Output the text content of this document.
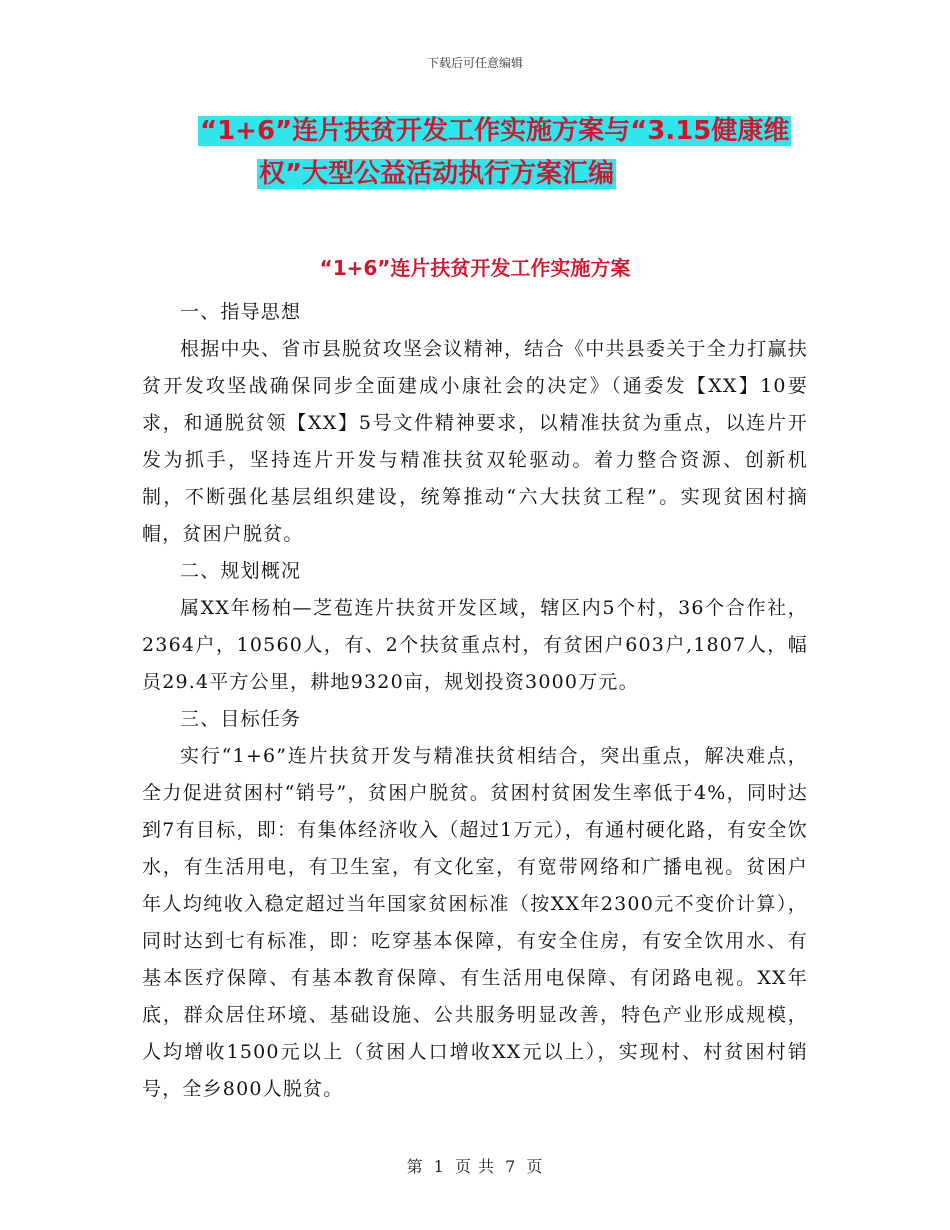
下载后可任意编辑
“1+6”连片扶贫开发工作实施方案与“3.15健康维
权”大型公益活动执行方案汇编
“1+6”连片扶贫开发工作实施方案

一、指导思想

根据中央、省市县脱贫攻坚会议精神，结合《中共县委关于全力打赢扶贫开发攻坚战确保同步全面建成小康社会的决定》（通委发【XX】10要求，和通脱贫领【XX】5号文件精神要求，以精准扶贫为重点，以连片开发为抓手，坚持连片开发与精准扶贫双轮驱动。着力整合资源、创新机制，不断强化基层组织建设，统筹推动“六大扶贫工程”。实现贫困村摘帽，贫困户脱贫。

二、规划概况

属XX年杨柏—芝苞连片扶贫开发区域，辖区内5个村，36个合作社，2364户，10560人，有、2个扶贫重点村，有贫困户603户,1807人，幅员29.4平方公里，耕地9320亩，规划投资3000万元。

三、目标任务

实行“1+6”连片扶贫开发与精准扶贫相结合，突出重点，解决难点，全力促进贫困村“销号”，贫困户脱贫。贫困村贫困发生率低于4%，同时达到7有目标，即：有集体经济收入（超过1万元），有通村硬化路，有安全饮水，有生活用电，有卫生室，有文化室，有宽带网络和广播电视。贫困户年人均纯收入稳定超过当年国家贫困标准（按XX年2300元不变价计算），同时达到七有标准，即：吃穿基本保障，有安全住房，有安全饮用水、有基本医疗保障、有基本教育保障、有生活用电保障、有闭路电视。XX年底，群众居住环境、基础设施、公共服务明显改善，特色产业形成规模，人均增收1500元以上（贫困人口增收XX元以上），实现村、村贫困村销号，全乡800人脱贫。

第 1 页 共 7 页
